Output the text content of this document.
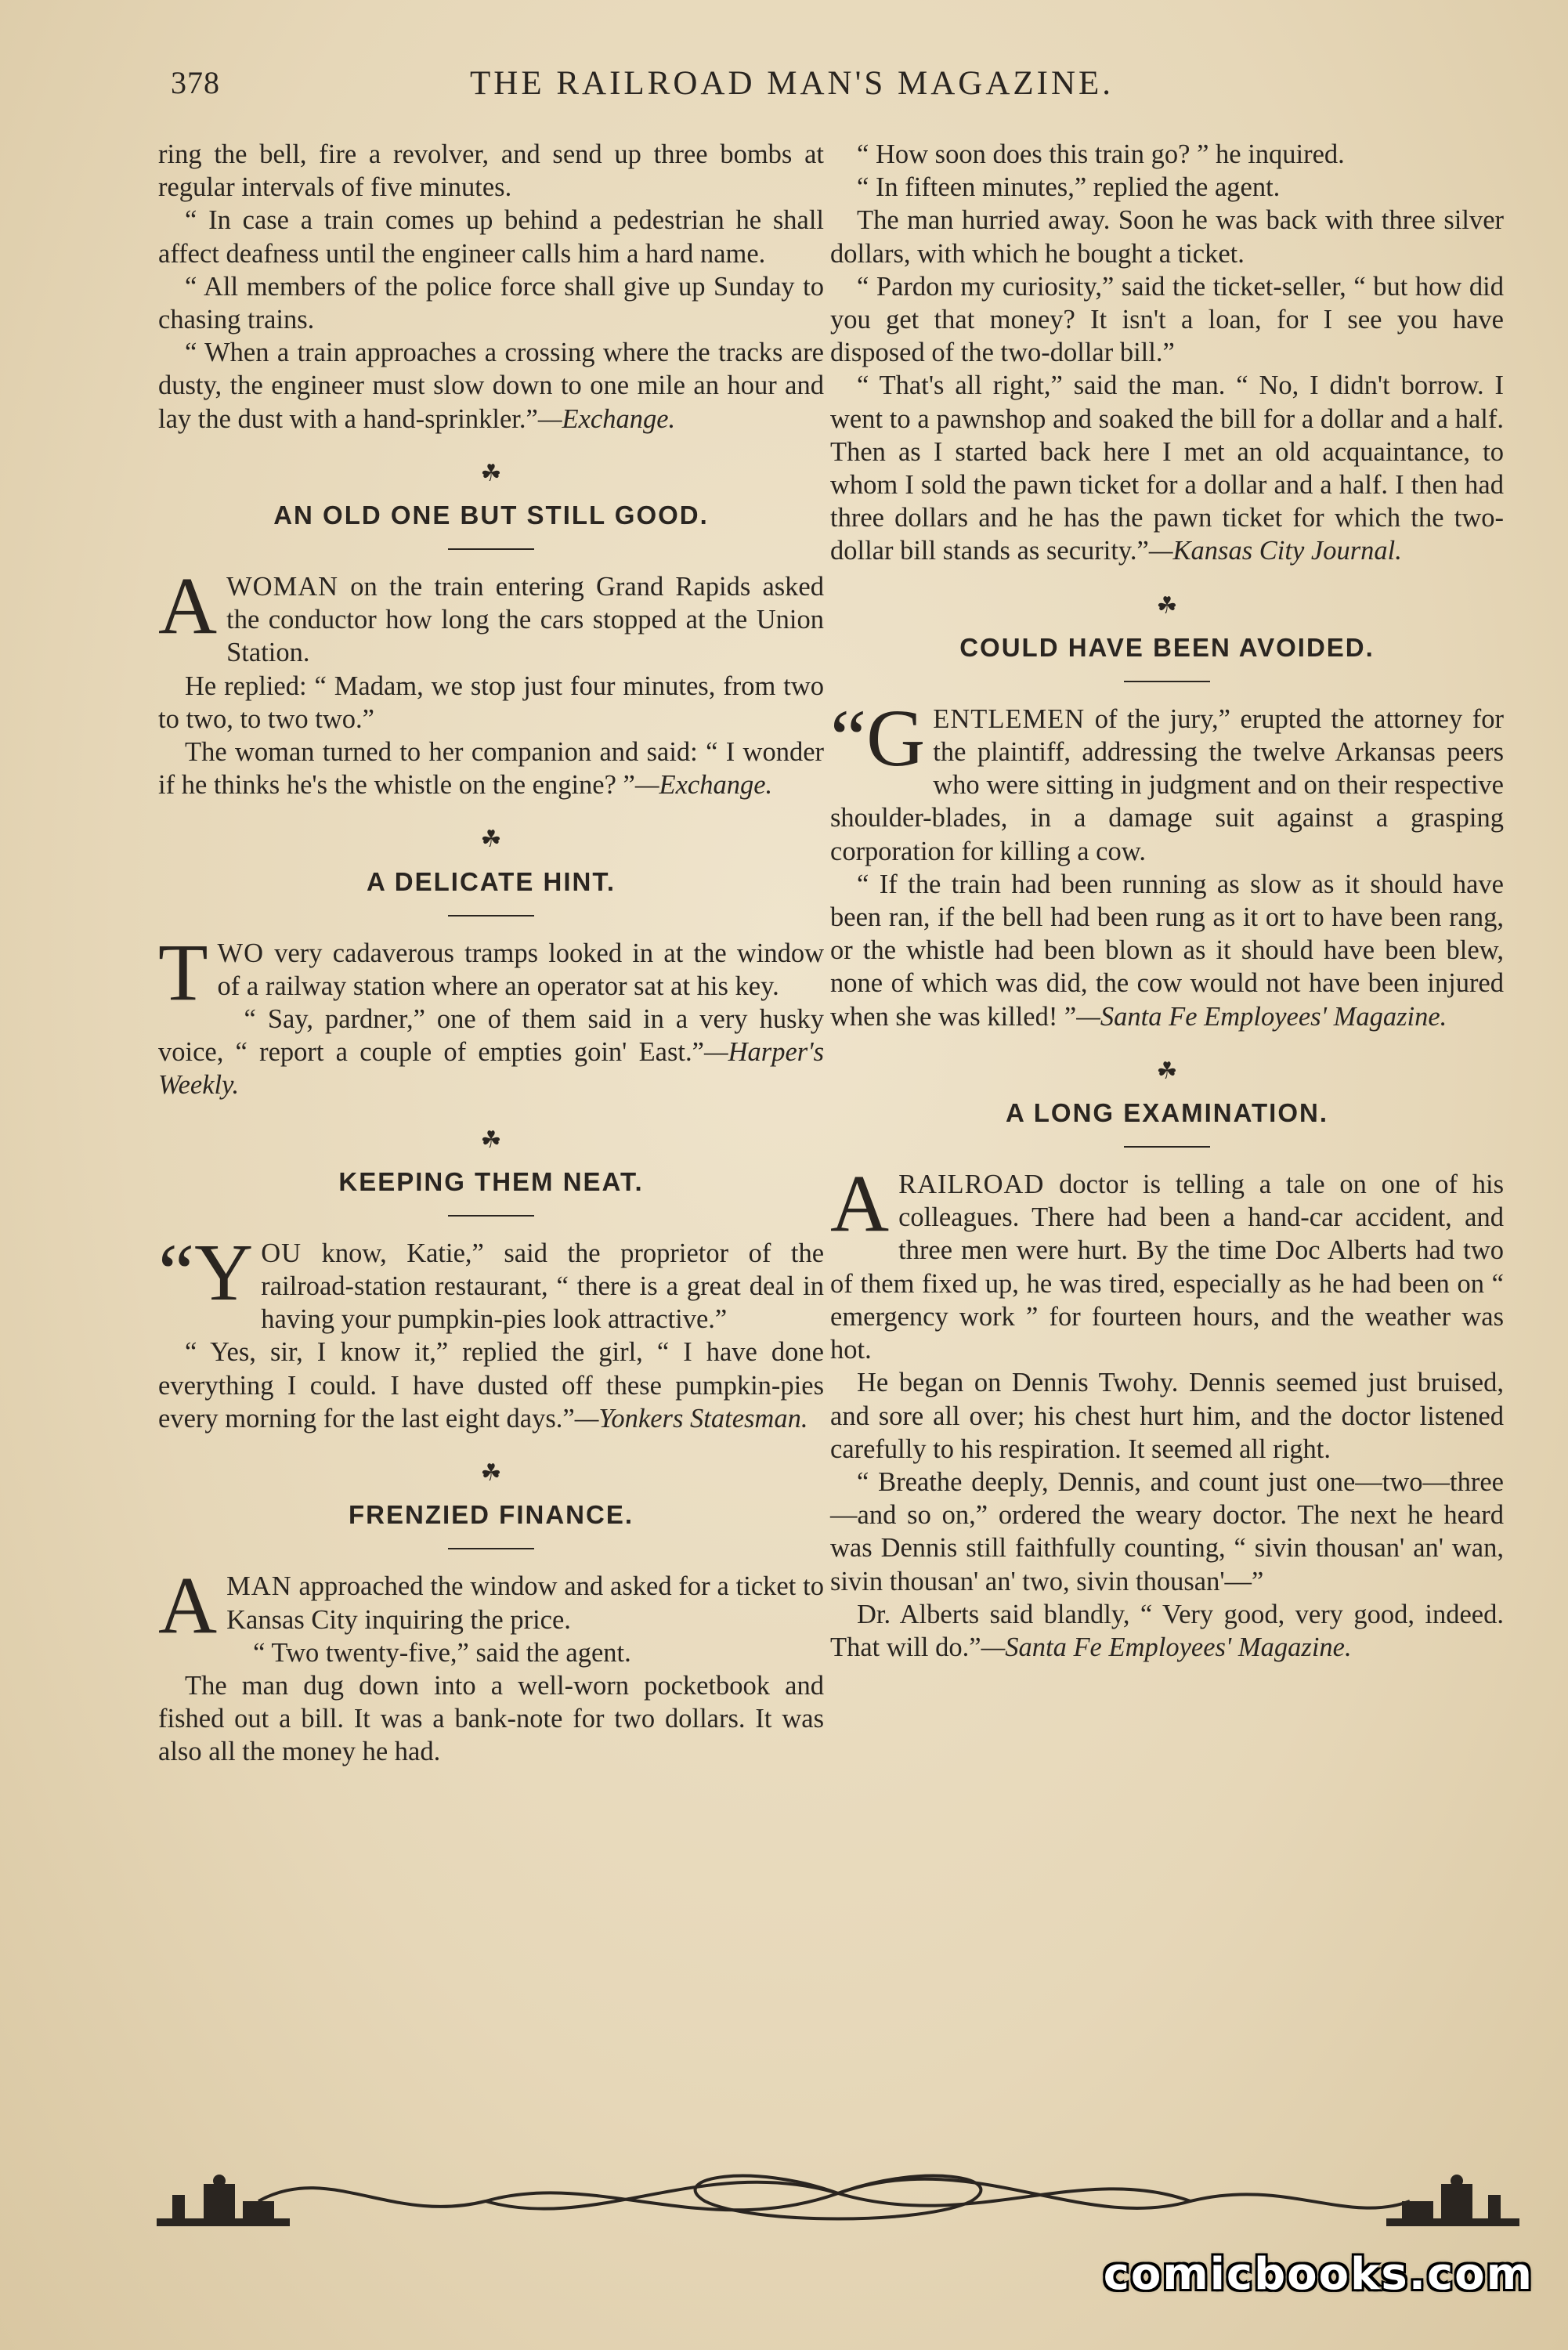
378	THE RAILROAD MAN'S MAGAZINE.

ring the bell, fire a revolver, and send up three bombs at regular intervals of five minutes.

“ In case a train comes up behind a pedestrian he shall affect deafness until the engineer calls him a hard name.

“ All members of the police force shall give up Sunday to chasing trains.

“ When a train approaches a crossing where the tracks are dusty, the engineer must slow down to one mile an hour and lay the dust with a hand-sprinkler.”—Exchange.

☘
AN OLD ONE BUT STILL GOOD.

AWOMAN on the train entering Grand Rapids asked the conductor how long the cars stopped at the Union Station.

He replied: “ Madam, we stop just four minutes, from two to two, to two two.”

The woman turned to her companion and said: “ I wonder if he thinks he's the whistle on the engine? ”—Exchange.

☘
A DELICATE HINT.

TWO very cadaverous tramps looked in at the window of a railway station where an operator sat at his key.

“ Say, pardner,” one of them said in a very husky voice, “ report a couple of empties goin' East.”—Harper's Weekly.

☘
KEEPING THEM NEAT.

“YOU know, Katie,” said the proprietor of the railroad-station restaurant, “ there is a great deal in having your pumpkin-pies look attractive.”

“ Yes, sir, I know it,” replied the girl, “ I have done everything I could. I have dusted off these pumpkin-pies every morning for the last eight days.”—Yonkers Statesman.

☘
FRENZIED FINANCE.

AMAN approached the window and asked for a ticket to Kansas City inquiring the price.

“ Two twenty-five,” said the agent.

The man dug down into a well-worn pocketbook and fished out a bill. It was a bank-note for two dollars. It was also all the money he had.

“ How soon does this train go? ” he inquired.

“ In fifteen minutes,” replied the agent.

The man hurried away. Soon he was back with three silver dollars, with which he bought a ticket.

“ Pardon my curiosity,” said the ticket-seller, “ but how did you get that money? It isn't a loan, for I see you have disposed of the two-dollar bill.”

“ That's all right,” said the man. “ No, I didn't borrow. I went to a pawnshop and soaked the bill for a dollar and a half. Then as I started back here I met an old acquaintance, to whom I sold the pawn ticket for a dollar and a half. I then had three dollars and he has the pawn ticket for which the two-dollar bill stands as security.”—Kansas City Journal.

☘
COULD HAVE BEEN AVOIDED.

“GENTLEMEN of the jury,” erupted the attorney for the plaintiff, addressing the twelve Arkansas peers who were sitting in judgment and on their respective shoulder-blades, in a damage suit against a grasping corporation for killing a cow.

“ If the train had been running as slow as it should have been ran, if the bell had been rung as it ort to have been rang, or the whistle had been blown as it should have been blew, none of which was did, the cow would not have been injured when she was killed! ”—Santa Fe Employees' Magazine.

☘
A LONG EXAMINATION.

ARAILROAD doctor is telling a tale on one of his colleagues. There had been a hand-car accident, and three men were hurt. By the time Doc Alberts had two of them fixed up, he was tired, especially as he had been on “ emergency work ” for fourteen hours, and the weather was hot.

He began on Dennis Twohy. Dennis seemed just bruised, and sore all over; his chest hurt him, and the doctor listened carefully to his respiration. It seemed all right.

“ Breathe deeply, Dennis, and count just one—two—three—and so on,” ordered the weary doctor. The next he heard was Dennis still faithfully counting, “ sivin thousan' an' wan, sivin thousan' an' two, sivin thousan'—”

Dr. Alberts said blandly, “ Very good, very good, indeed. That will do.”—Santa Fe Employees' Magazine.

comicbooks.com
